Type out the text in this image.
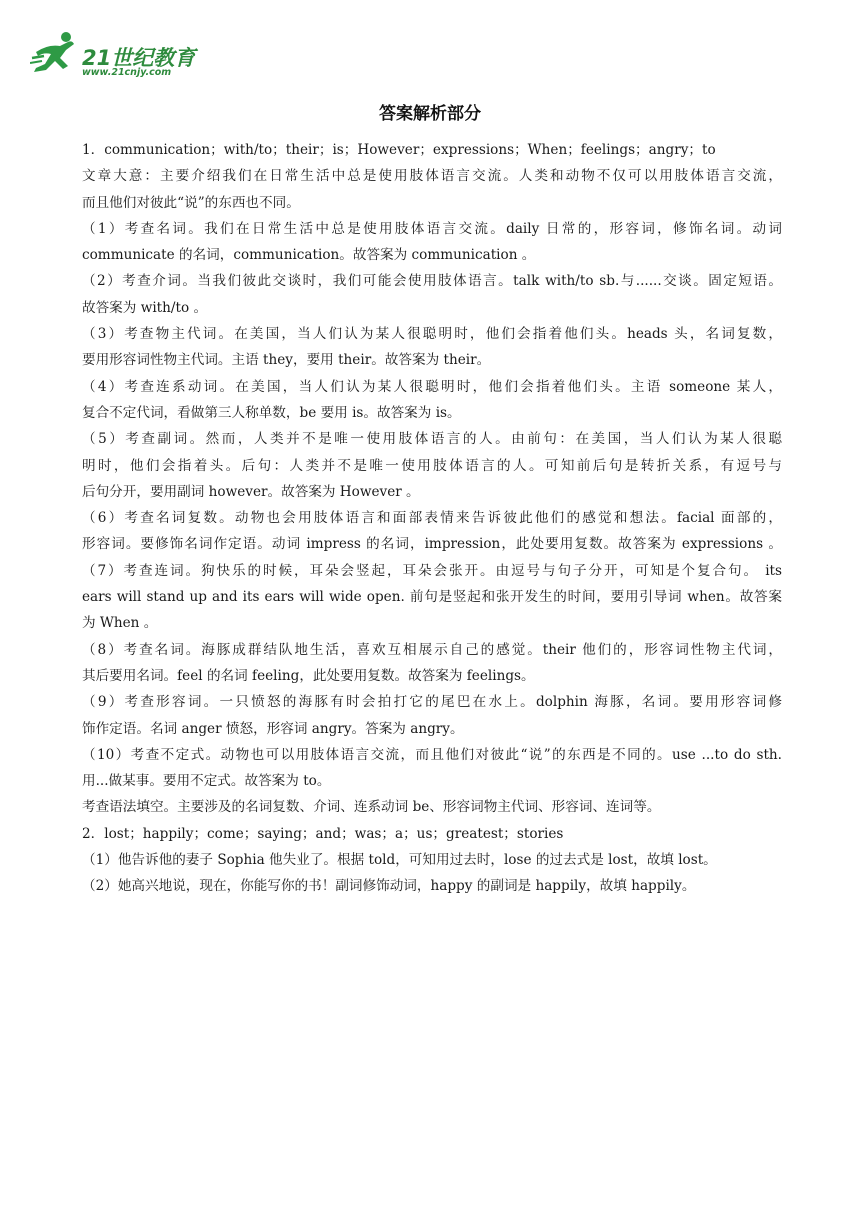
21世纪教育
www.21cnjy.com
答案解析部分
1．communication；with/to；their；is；However；expressions；When；feelings；angry；to
文章大意：主要介绍我们在日常生活中总是使用肢体语言交流。人类和动物不仅可以用肢体语言交流，
而且他们对彼此“说”的东西也不同。
（1）考查名词。我们在日常生活中总是使用肢体语言交流。daily 日常的，形容词，修饰名词。动词
communicate 的名词，communication。故答案为 communication 。
（2）考查介词。当我们彼此交谈时，我们可能会使用肢体语言。talk with/to sb.与......交谈。固定短语。
故答案为 with/to 。
（3）考查物主代词。在美国，当人们认为某人很聪明时，他们会指着他们头。heads 头，名词复数，
要用形容词性物主代词。主语 they，要用 their。故答案为 their。
（4）考查连系动词。在美国，当人们认为某人很聪明时，他们会指着他们头。主语 someone 某人，
复合不定代词，看做第三人称单数，be 要用 is。故答案为 is。
（5）考查副词。然而，人类并不是唯一使用肢体语言的人。由前句：在美国，当人们认为某人很聪
明时，他们会指着头。后句：人类并不是唯一使用肢体语言的人。可知前后句是转折关系，有逗号与
后句分开，要用副词 however。故答案为 However 。
（6）考查名词复数。动物也会用肢体语言和面部表情来告诉彼此他们的感觉和想法。facial 面部的，
形容词。要修饰名词作定语。动词 impress 的名词，impression，此处要用复数。故答案为 expressions 。
（7）考查连词。狗快乐的时候，耳朵会竖起，耳朵会张开。由逗号与句子分开，可知是个复合句。 its
ears will stand up and its ears will wide open. 前句是竖起和张开发生的时间，要用引导词 when。故答案
为 When 。
（8）考查名词。海豚成群结队地生活，喜欢互相展示自己的感觉。their 他们的，形容词性物主代词，
其后要用名词。feel 的名词 feeling，此处要用复数。故答案为 feelings。
（9）考查形容词。一只愤怒的海豚有时会拍打它的尾巴在水上。dolphin 海豚，名词。要用形容词修
饰作定语。名词 anger 愤怒，形容词 angry。答案为 angry。
（10）考查不定式。动物也可以用肢体语言交流，而且他们对彼此“说”的东西是不同的。use ...to do sth.
用...做某事。要用不定式。故答案为 to。
考查语法填空。主要涉及的名词复数、介词、连系动词 be、形容词物主代词、形容词、连词等。
2．lost；happily；come；saying；and；was；a；us；greatest；stories
（1）他告诉他的妻子 Sophia 他失业了。根据 told，可知用过去时，lose 的过去式是 lost，故填 lost。
（2）她高兴地说，现在，你能写你的书！副词修饰动词，happy 的副词是 happily，故填 happily。
